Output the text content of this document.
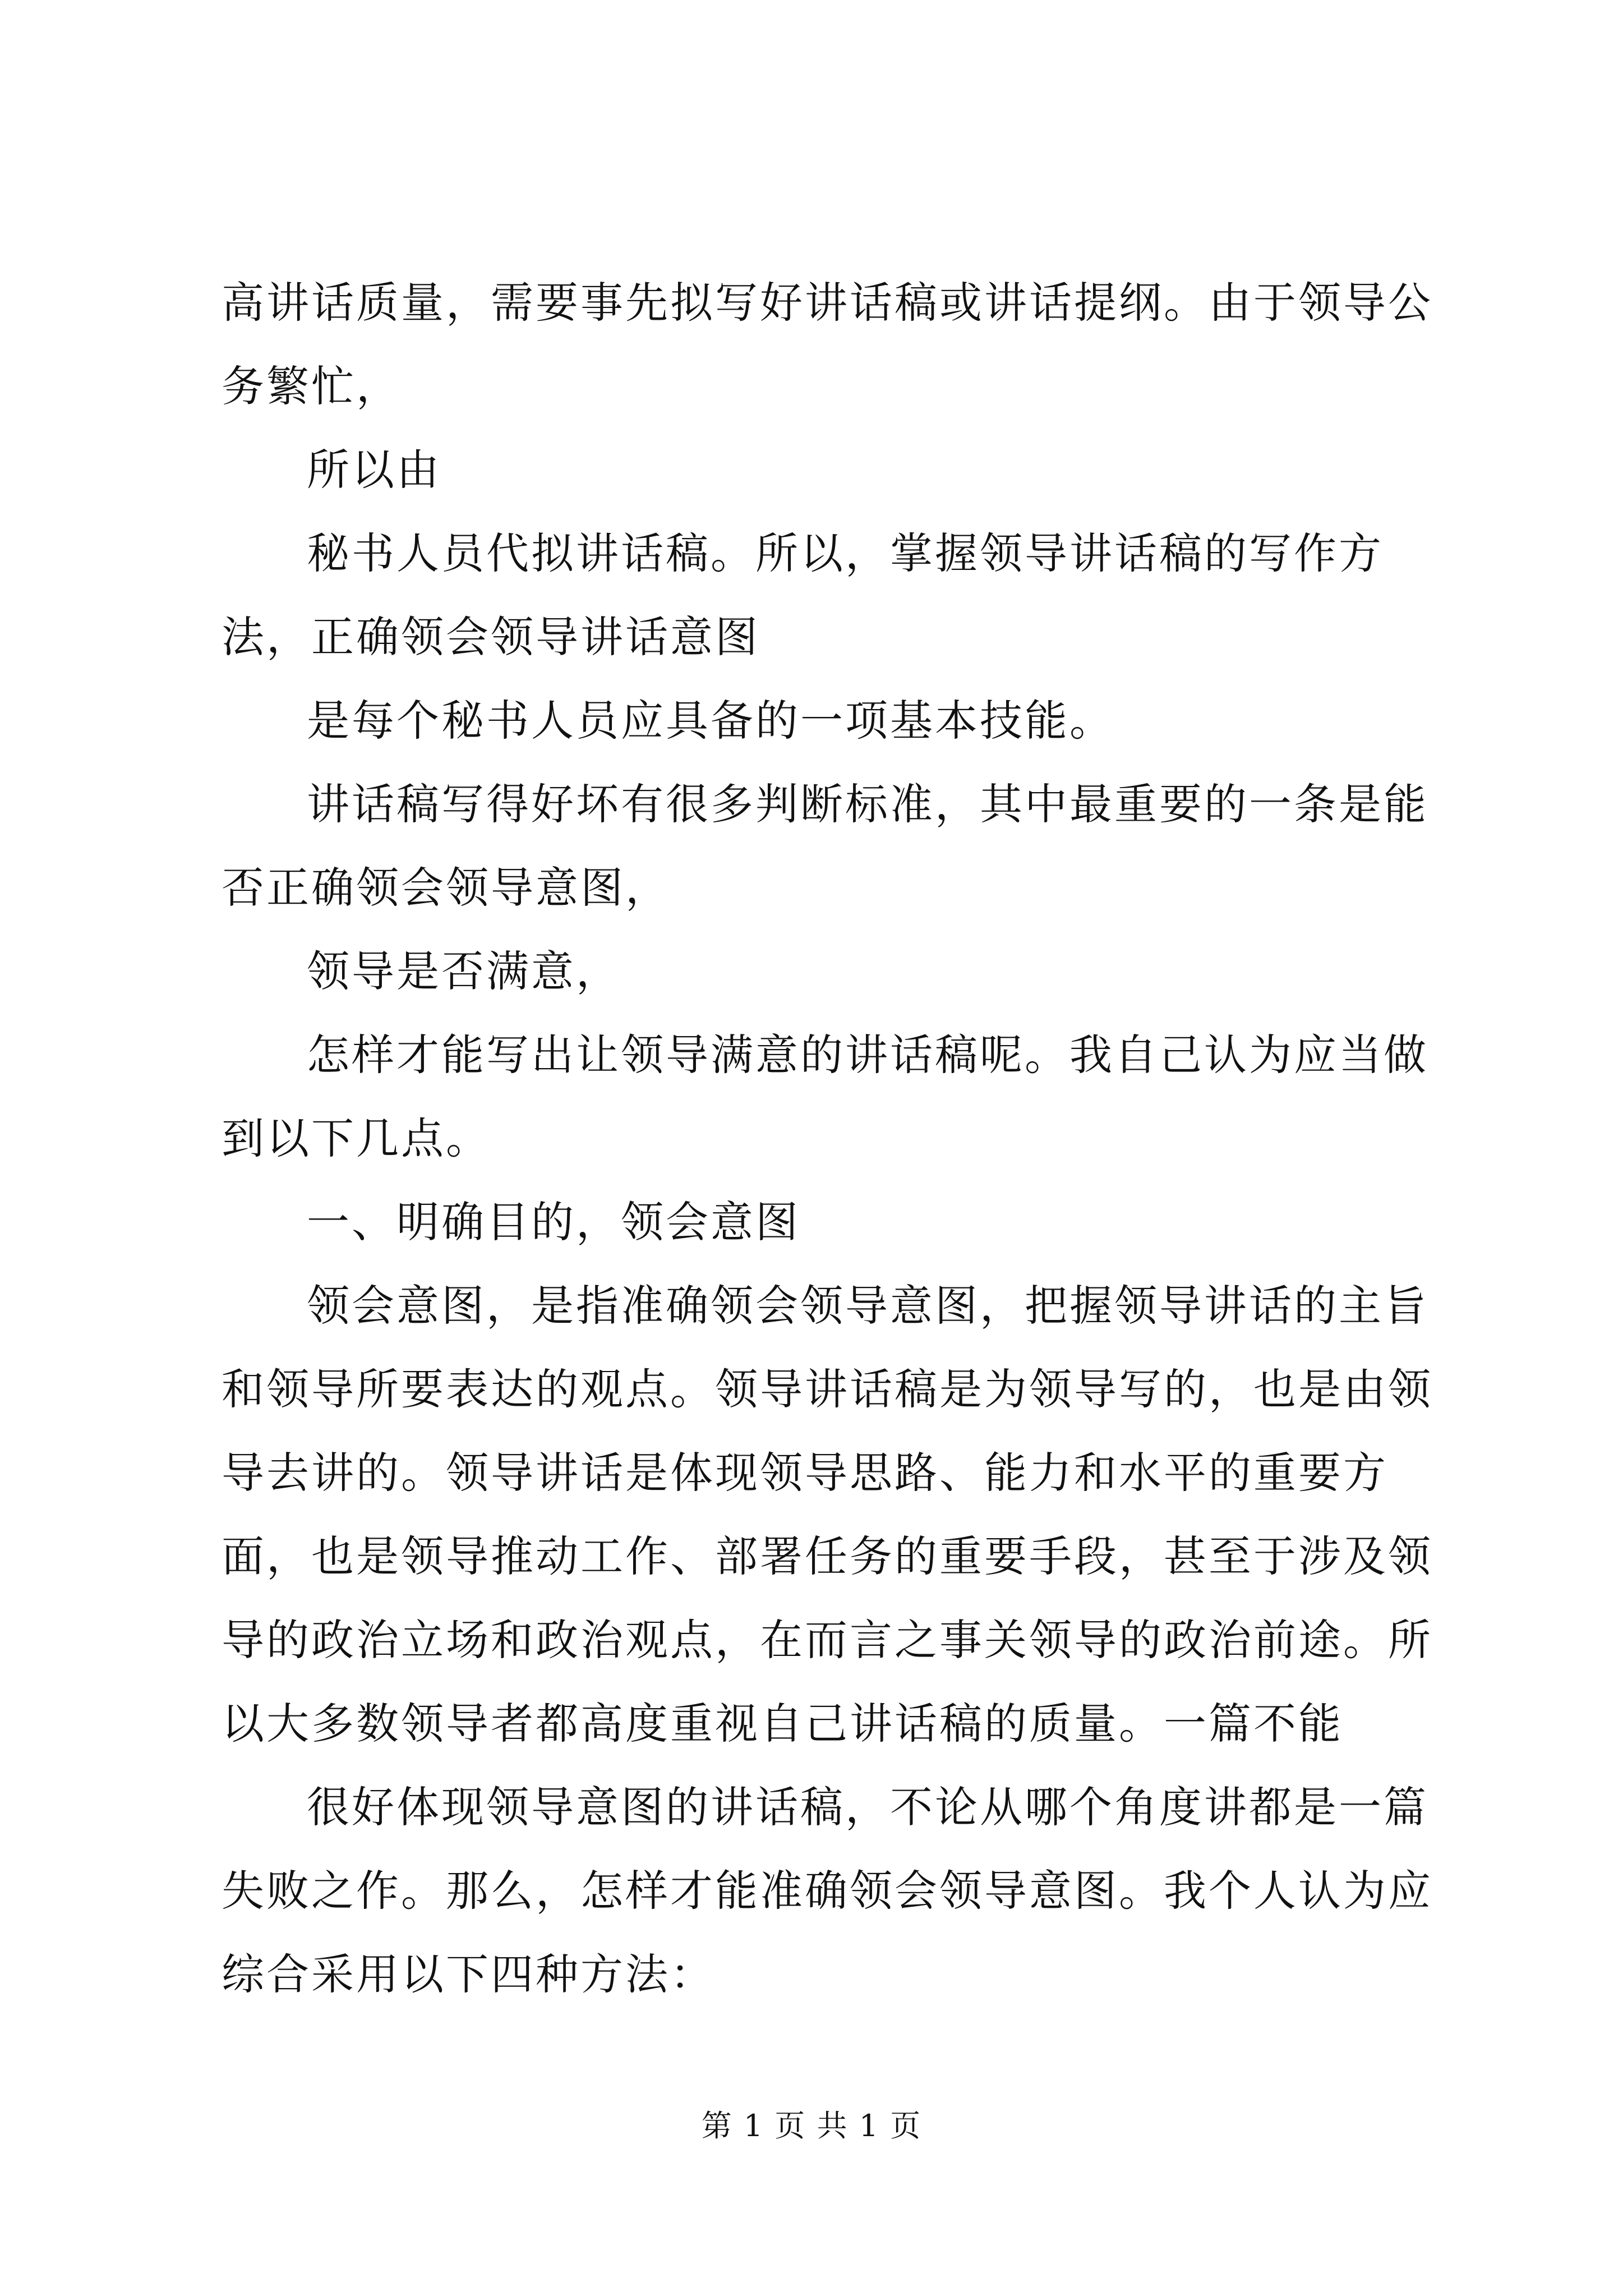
高讲话质量，需要事先拟写好讲话稿或讲话提纲。由于领导公务繁忙，

所以由

秘书人员代拟讲话稿。所以，掌握领导讲话稿的写作方法，正确领会领导讲话意图

是每个秘书人员应具备的一项基本技能。

讲话稿写得好坏有很多判断标准，其中最重要的一条是能否正确领会领导意图，

领导是否满意，

怎样才能写出让领导满意的讲话稿呢。我自己认为应当做到以下几点。

一、明确目的，领会意图

领会意图，是指准确领会领导意图，把握领导讲话的主旨和领导所要表达的观点。领导讲话稿是为领导写的，也是由领导去讲的。领导讲话是体现领导思路、能力和水平的重要方面，也是领导推动工作、部署任务的重要手段，甚至于涉及领导的政治立场和政治观点，在而言之事关领导的政治前途。所以大多数领导者都高度重视自己讲话稿的质量。一篇不能

很好体现领导意图的讲话稿，不论从哪个角度讲都是一篇失败之作。那么，怎样才能准确领会领导意图。我个人认为应综合采用以下四种方法：

第 1 页 共 1 页
